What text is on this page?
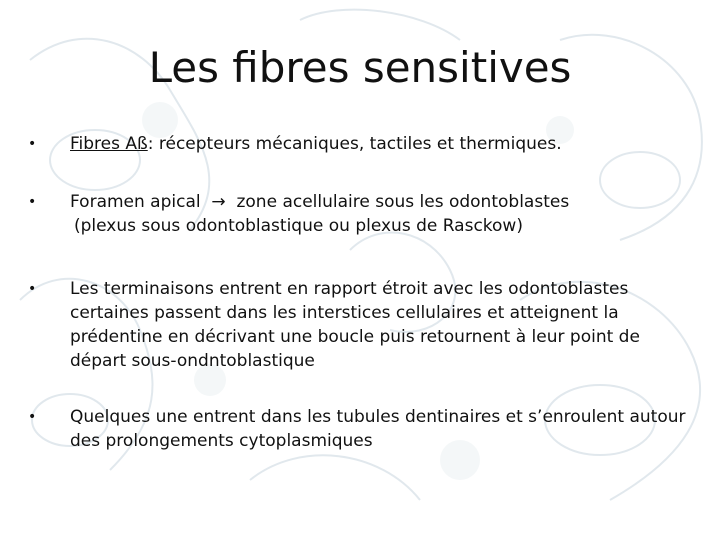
Les fibres sensitives
•	Fibres Aß: récepteurs mécaniques, tactiles et thermiques.
•	Foramen apical → zone acellulaire sous les odontoblastes
(plexus sous odontoblastique ou plexus de Rasckow)
•	Les terminaisons entrent en rapport étroit avec les odontoblastes certaines passent dans les interstices cellulaires et atteignent la prédentine en décrivant une boucle puis retournent à leur point de départ sous-ondntoblastique
•	Quelques une entrent dans les tubules dentinaires et s’enroulent autour des prolongements cytoplasmiques
